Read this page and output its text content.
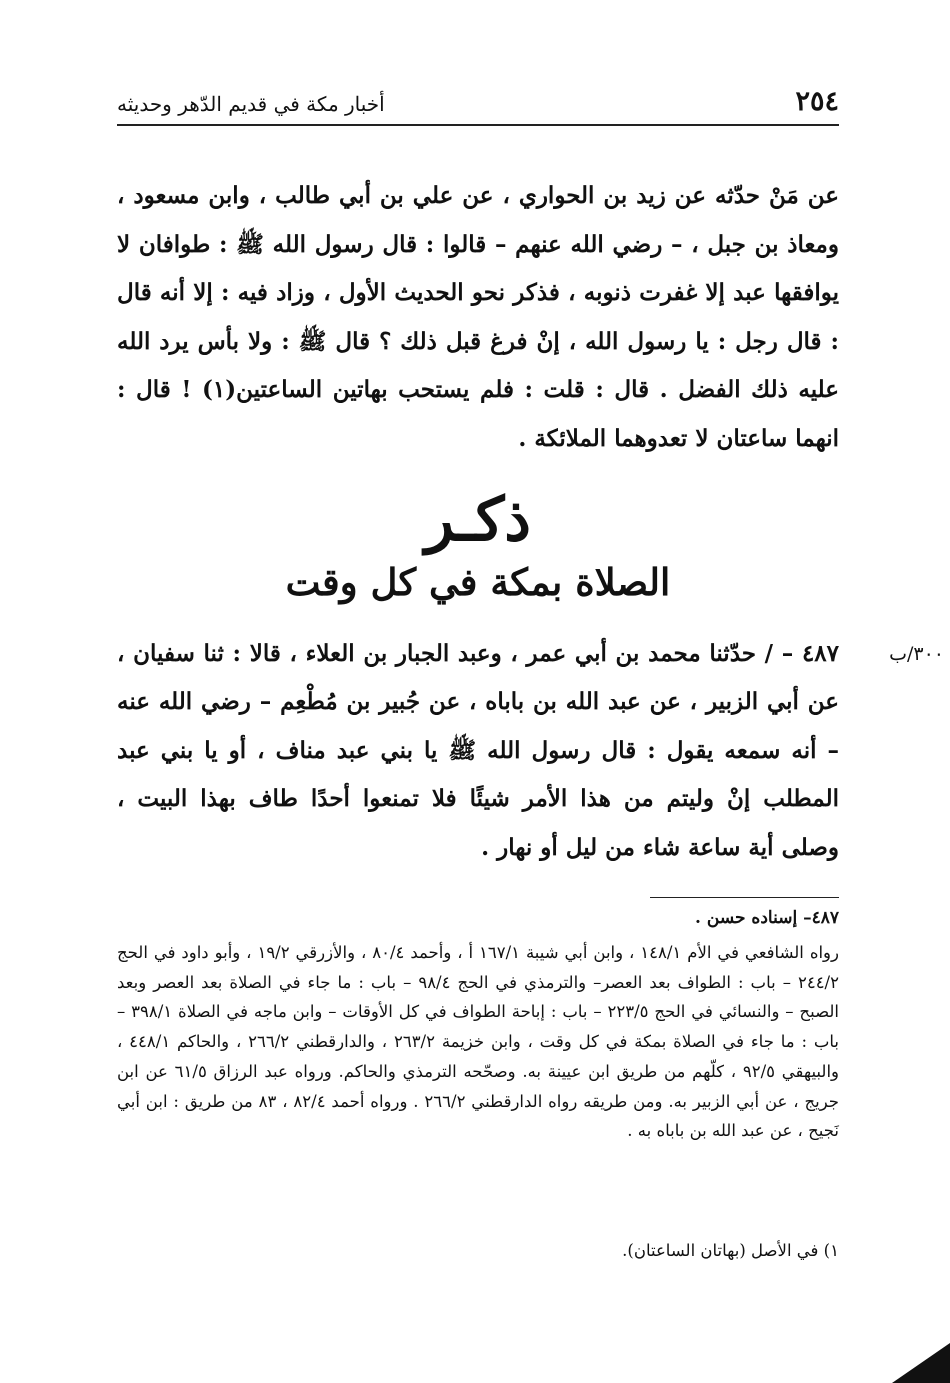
٢٥٤
أخبار مكة في قديم الدّهر وحديثه

عن مَنْ حدّثه عن زيد بن الحواري ، عن علي بن أبي طالب ، وابن مسعود ، ومعاذ بن جبل ، – رضي الله عنهم – قالوا : قال رسول الله ﷺ : طوافان لا يوافقها عبد إلا غفرت ذنوبه ، فذكر نحو الحديث الأول ، وزاد فيه : إلا أنه قال : قال رجل : يا رسول الله ، إنْ فرغ قبل ذلك ؟ قال ﷺ : ولا بأس يرد الله عليه ذلك الفضل . قال : قلت : فلم يستحب بهاتين الساعتين(١) ! قال : انهما ساعتان لا تعدوهما الملائكة .

ذكـر
الصلاة بمكة في كل وقت
٣٠٠/ب

٤٨٧ – / حدّثنا محمد بن أبي عمر ، وعبد الجبار بن العلاء ، قالا : ثنا سفيان ، عن أبي الزبير ، عن عبد الله بن باباه ، عن جُبير بن مُطْعِم – رضي الله عنه – أنه سمعه يقول : قال رسول الله ﷺ يا بني عبد مناف ، أو يا بني عبد المطلب إنْ وليتم من هذا الأمر شيئًا فلا تمنعوا أحدًا طاف بهذا البيت ، وصلى أية ساعة شاء من ليل أو نهار .

٤٨٧– إسناده حسن .

رواه الشافعي في الأم ١٤٨/١ ، وابن أبي شيبة ١٦٧/١ أ ، وأحمد ٨٠/٤ ، والأزرقي ١٩/٢ ، وأبو داود في الحج ٢٤٤/٢ – باب : الطواف بعد العصر– والترمذي في الحج ٩٨/٤ – باب : ما جاء في الصلاة بعد العصر وبعد الصبح – والنسائي في الحج ٢٢٣/٥ – باب : إباحة الطواف في كل الأوقات – وابن ماجه في الصلاة ٣٩٨/١ – باب : ما جاء في الصلاة بمكة في كل وقت ، وابن خزيمة ٢٦٣/٢ ، والدارقطني ٢٦٦/٢ ، والحاكم ٤٤٨/١ ، والبيهقي ٩٢/٥ ، كلّهم من طريق ابن عيينة به. وصحّحه الترمذي والحاكم. ورواه عبد الرزاق ٦١/٥ عن ابن جريج ، عن أبي الزبير به. ومن طريقه رواه الدارقطني ٢٦٦/٢ . ورواه أحمد ٨٢/٤ ، ٨٣ من طريق : ابن أبي نَجيح ، عن عبد الله بن باباه به .

١) في الأصل (بهاتان الساعتان).
